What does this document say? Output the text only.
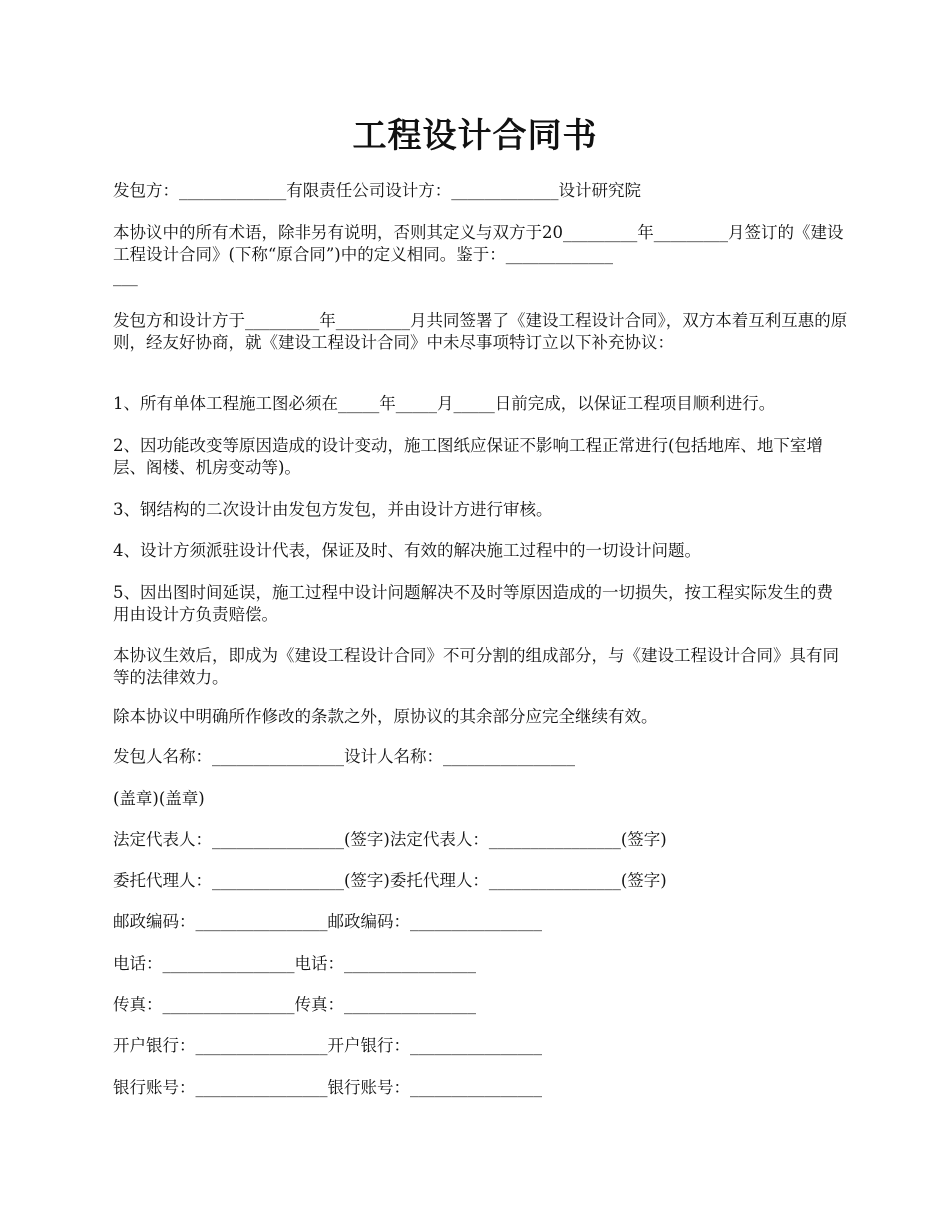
工程设计合同书
发包方：_____________有限责任公司设计方：_____________设计研究院
本协议中的所有术语，除非另有说明，否则其定义与双方于20_________年_________月签订的《建设工程设计合同》(下称“原合同”)中的定义相同。鉴于：_____________
___
发包方和设计方于_________年_________月共同签署了《建设工程设计合同》，双方本着互利互惠的原则，经友好协商，就《建设工程设计合同》中未尽事项特订立以下补充协议：
1、所有单体工程施工图必须在_____年_____月_____日前完成，以保证工程项目顺利进行。
2、因功能改变等原因造成的设计变动，施工图纸应保证不影响工程正常进行(包括地库、地下室增层、阁楼、机房变动等)。
3、钢结构的二次设计由发包方发包，并由设计方进行审核。
4、设计方须派驻设计代表，保证及时、有效的解决施工过程中的一切设计问题。
5、因出图时间延误，施工过程中设计问题解决不及时等原因造成的一切损失，按工程实际发生的费用由设计方负责赔偿。
本协议生效后，即成为《建设工程设计合同》不可分割的组成部分，与《建设工程设计合同》具有同等的法律效力。
除本协议中明确所作修改的条款之外，原协议的其余部分应完全继续有效。
发包人名称：________________设计人名称：________________
(盖章)(盖章)
法定代表人：________________(签字)法定代表人：________________(签字)
委托代理人：________________(签字)委托代理人：________________(签字)
邮政编码：________________邮政编码：________________
电话：________________电话：________________
传真：________________传真：________________
开户银行：________________开户银行：________________
银行账号：________________银行账号：________________
